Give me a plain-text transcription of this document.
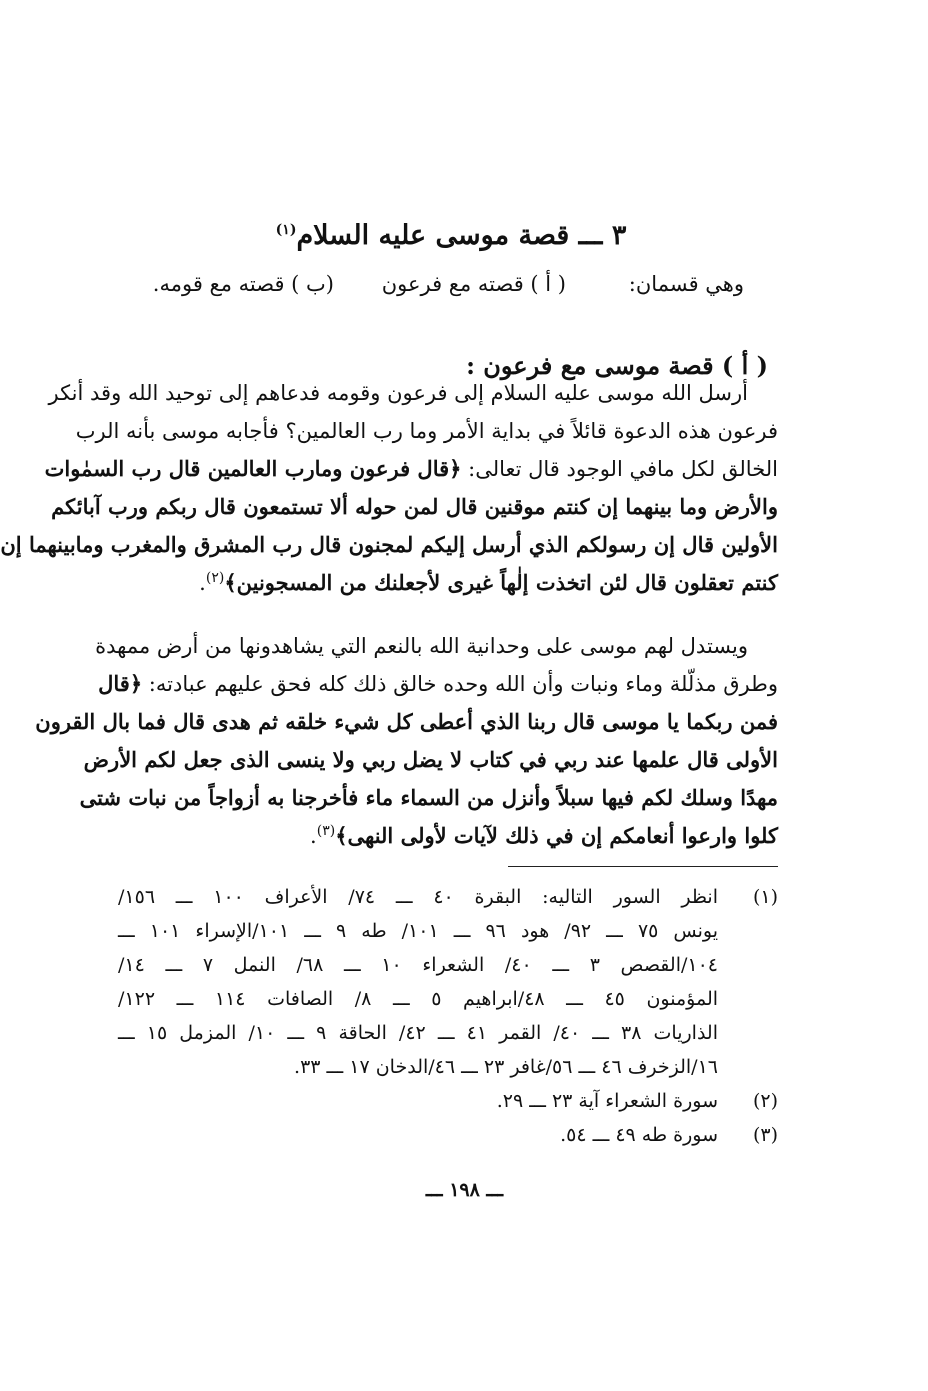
٣ ـــ قصة موسى عليه السلام$^{(١)}$
وهي قسمان:
( أ ) قصته مع فرعون
(ب ) قصته مع قومه.
( أ ) قصة موسى مع فرعون :
أرسل الله موسى عليه السلام إلى فرعون وقومه فدعاهم إلى توحيد الله وقد أنكر
فرعون هذه الدعوة قائلاً في بداية الأمر وما رب العالمين؟ فأجابه موسى بأنه الرب
الخالق لكل مافي الوجود قال تعالى: ﴿قال فرعون ومارب العالمين قال رب السمٰوات
والأرض وما بينهما إن كنتم موقنين قال لمن حوله ألا تستمعون قال ربكم ورب آبائكم
الأولين قال إن رسولكم الذي أرسل إليكم لمجنون قال رب المشرق والمغرب ومابينهما إن
كنتم تعقلون قال لئن اتخذت إلٰهاً غيرى لأجعلنك من المسجونين﴾$^{(٢)}$.
ويستدل لهم موسى على وحدانية الله بالنعم التي يشاهدونها من أرض ممهدة
وطرق مذلّلة وماء ونبات وأن الله وحده خالق ذلك كله فحق عليهم عبادته: ﴿قال
فمن ربكما يا موسى قال ربنا الذي أعطى كل شيء خلقه ثم هدى قال فما بال القرون
الأولى قال علمها عند ربي في كتاب لا يضل ربي ولا ينسى الذى جعل لكم الأرض
مهدًا وسلك لكم فيها سبلاً وأنزل من السماء ماء فأخرجنا به أزواجاً من نبات شتى
كلوا وارعوا أنعامكم إن في ذلك لآيات لأولى النهى﴾$^{(٣)}$.
(١)
انظر السور التاليه: البقرة ٤٠ ـــ ٧٤/ الأعراف ١٠٠ ـــ ١٥٦/
يونس ٧٥ ـــ ٩٢/ هود ٩٦ ـــ ١٠١/ طه ٩ ـــ ١٠١/الإسراء ١٠١ ـــ
١٠٤/القصص ٣ ـــ ٤٠/ الشعراء ١٠ ـــ ٦٨/ النمل ٧ ـــ ١٤/
المؤمنون ٤٥ ـــ ٤٨/ابراهيم ٥ ـــ ٨/ الصافات ١١٤ ـــ ١٢٢/
الذاريات ٣٨ ـــ ٤٠/ القمر ٤١ ـــ ٤٢/ الحاقة ٩ ـــ ١٠/ المزمل ١٥ ـــ
١٦/الزخرف ٤٦ ـــ ٥٦/غافر ٢٣ ـــ ٤٦/الدخان ١٧ ـــ ٣٣.
(٢)
سورة الشعراء آية ٢٣ ـــ ٢٩.
(٣)
سورة طه ٤٩ ـــ ٥٤.
ـــ ١٩٨ ـــ
